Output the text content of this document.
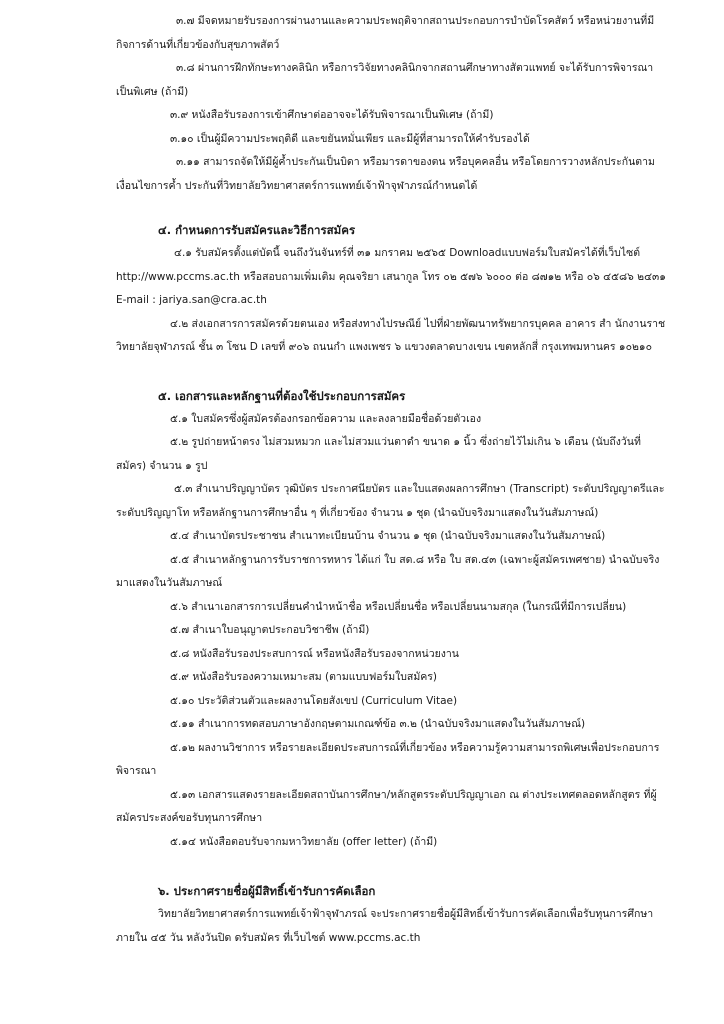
๓.๗ มีจดหมายรับรองการผ่านงานและความประพฤติจากสถานประกอบการบำบัดโรคสัตว์ หรือหน่วยงานที่มีกิจการด้านที่เกี่ยวข้องกับสุขภาพสัตว์

๓.๘ ผ่านการฝึกทักษะทางคลินิก หรือการวิจัยทางคลินิกจากสถานศึกษาทางสัตวแพทย์ จะได้รับการพิจารณาเป็นพิเศษ (ถ้ามี)

๓.๙ หนังสือรับรองการเข้าศึกษาต่ออาจจะได้รับพิจารณาเป็นพิเศษ (ถ้ามี)

๓.๑๐ เป็นผู้มีความประพฤติดี และขยันหมั่นเพียร และมีผู้ที่สามารถให้คำรับรองได้

๓.๑๑ สามารถจัดให้มีผู้ค้ำประกันเป็นบิดา หรือมารดาของตน หรือบุคคลอื่น หรือโดยการวางหลักประกันตามเงื่อนไขการค้ำ ประกันที่วิทยาลัยวิทยาศาสตร์การแพทย์เจ้าฟ้าจุฬาภรณ์กำหนดได้

๔. กำหนดการรับสมัครและวิธีการสมัคร

๔.๑ รับสมัครตั้งแต่บัดนี้ จนถึงวันจันทร์ที่ ๓๑ มกราคม ๒๕๖๕ Downloadแบบฟอร์มใบสมัครได้ที่เว็บไซต์ http://www.pccms.ac.th หรือสอบถามเพิ่มเติม คุณจริยา เสนากูล โทร ๐๒ ๕๗๖ ๖๐๐๐ ต่อ ๘๗๑๒ หรือ ๐๖ ๔๕๘๖ ๒๔๓๑ E-mail : jariya.san@cra.ac.th

๔.๒ ส่งเอกสารการสมัครด้วยตนเอง หรือส่งทางไปรษณีย์ ไปที่ฝ่ายพัฒนาทรัพยากรบุคคล อาคาร สำ นักงานราชวิทยาลัยจุฬาภรณ์ ชั้น ๓ โซน D เลขที่ ๙๐๖ ถนนกำ แพงเพชร ๖ แขวงตลาดบางเขน เขตหลักสี่ กรุงเทพมหานคร ๑๐๒๑๐

๕. เอกสารและหลักฐานที่ต้องใช้ประกอบการสมัคร

๕.๑ ใบสมัครซึ่งผู้สมัครต้องกรอกข้อความ และลงลายมือชื่อด้วยตัวเอง

๕.๒ รูปถ่ายหน้าตรง ไม่สวมหมวก และไม่สวมแว่นตาดำ ขนาด ๑ นิ้ว ซึ่งถ่ายไว้ไม่เกิน ๖ เดือน (นับถึงวันที่สมัคร) จำนวน ๑ รูป

๕.๓ สำเนาปริญญาบัตร วุฒิบัตร ประกาศนียบัตร และใบแสดงผลการศึกษา (Transcript) ระดับปริญญาตรีและระดับปริญญาโท หรือหลักฐานการศึกษาอื่น ๆ ที่เกี่ยวข้อง จำนวน ๑ ชุด (นำฉบับจริงมาแสดงในวันสัมภาษณ์)

๕.๔ สำเนาบัตรประชาชน สำเนาทะเบียนบ้าน จำนวน ๑ ชุด (นำฉบับจริงมาแสดงในวันสัมภาษณ์)

๕.๕ สำเนาหลักฐานการรับราชการทหาร ได้แก่ ใบ สด.๘ หรือ ใบ สด.๔๓ (เฉพาะผู้สมัครเพศชาย) นำฉบับจริงมาแสดงในวันสัมภาษณ์

๕.๖ สำเนาเอกสารการเปลี่ยนคำนำหน้าชื่อ หรือเปลี่ยนชื่อ หรือเปลี่ยนนามสกุล (ในกรณีที่มีการเปลี่ยน)

๕.๗ สำเนาใบอนุญาตประกอบวิชาชีพ (ถ้ามี)

๕.๘ หนังสือรับรองประสบการณ์ หรือหนังสือรับรองจากหน่วยงาน

๕.๙ หนังสือรับรองความเหมาะสม (ตามแบบฟอร์มใบสมัคร)

๕.๑๐ ประวัติส่วนตัวและผลงานโดยสังเขป (Curriculum Vitae)

๕.๑๑ สำเนาการทดสอบภาษาอังกฤษตามเกณฑ์ข้อ ๓.๒ (นำฉบับจริงมาแสดงในวันสัมภาษณ์)

๕.๑๒ ผลงานวิชาการ หรือรายละเอียดประสบการณ์ที่เกี่ยวข้อง หรือความรู้ความสามารถพิเศษเพื่อประกอบการพิจารณา

๕.๑๓ เอกสารแสดงรายละเอียดสถาบันการศึกษา/หลักสูตรระดับปริญญาเอก ณ ต่างประเทศตลอดหลักสูตร ที่ผู้สมัครประสงค์ขอรับทุนการศึกษา

๕.๑๔ หนังสือตอบรับจากมหาวิทยาลัย (offer letter) (ถ้ามี)

๖. ประกาศรายชื่อผู้มีสิทธิ์เข้ารับการคัดเลือก

วิทยาลัยวิทยาศาสตร์การแพทย์เจ้าฟ้าจุฬาภรณ์ จะประกาศรายชื่อผู้มีสิทธิ์เข้ารับการคัดเลือกเพื่อรับทุนการศึกษาภายใน ๔๕ วัน หลังวันปิด ดรับสมัคร ที่เว็บไซต์ www.pccms.ac.th
